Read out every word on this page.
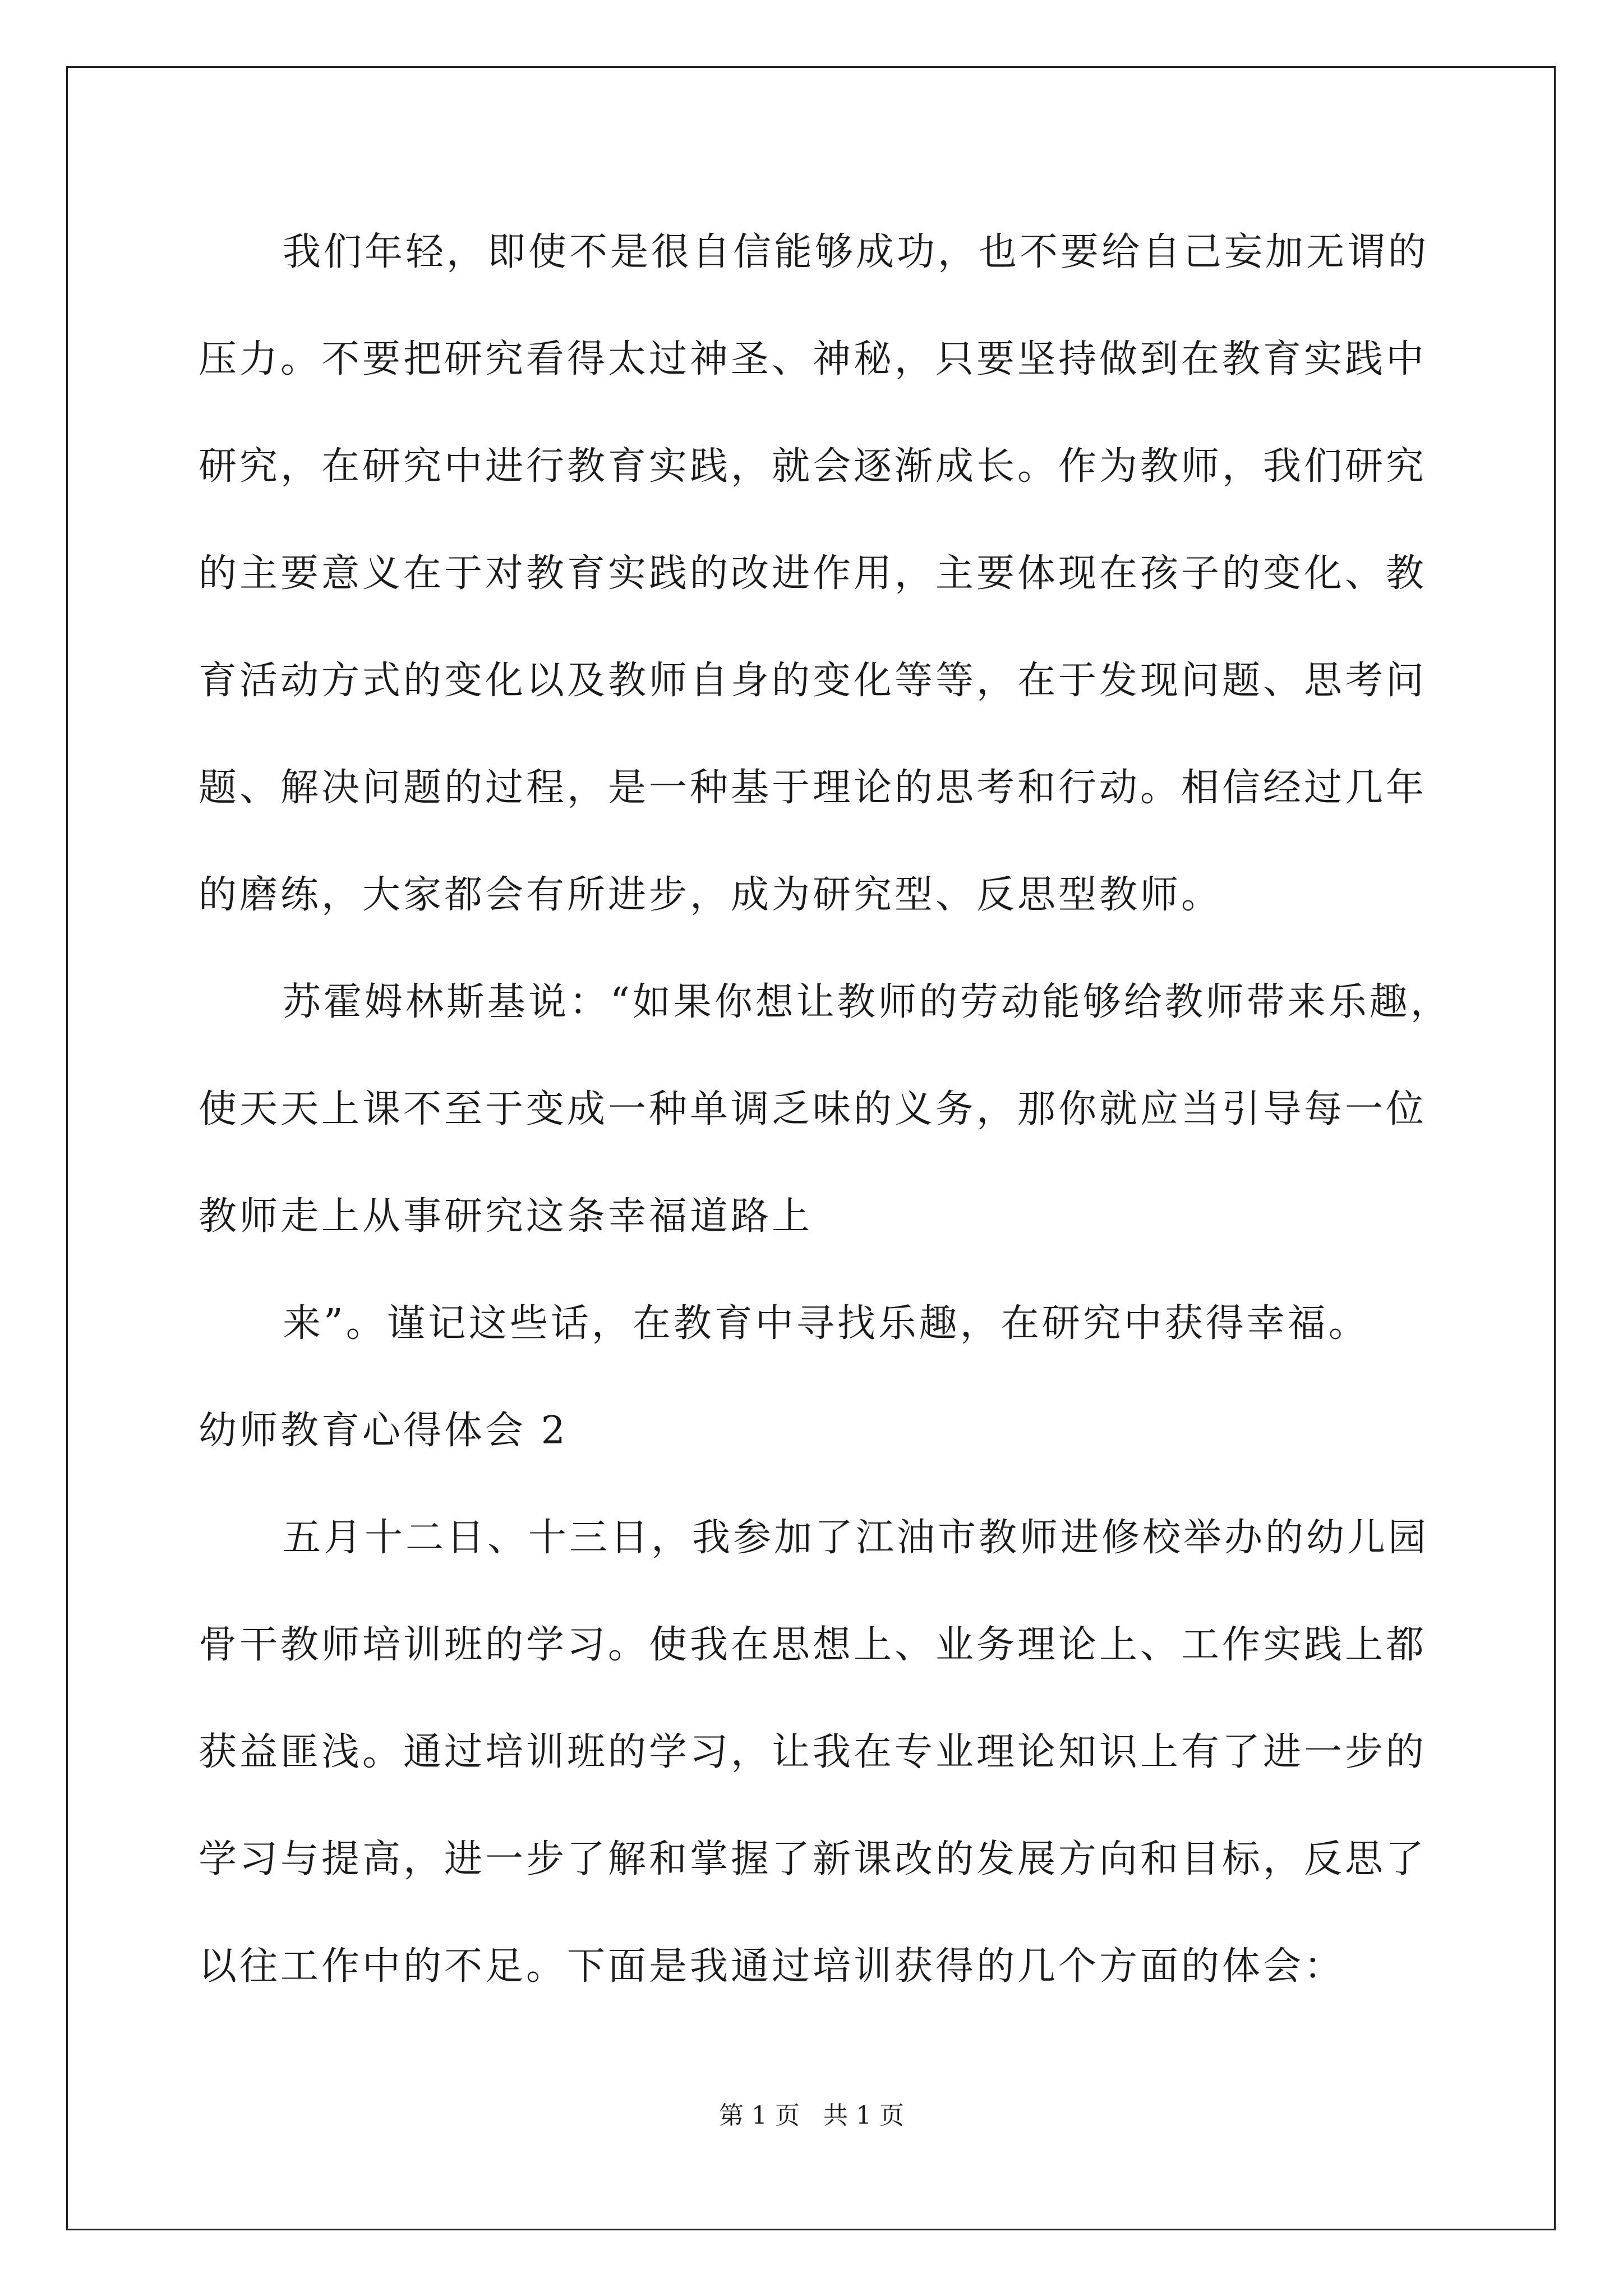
我们年轻，即使不是很自信能够成功，也不要给自己妄加无谓的
压力。不要把研究看得太过神圣、神秘，只要坚持做到在教育实践中
研究，在研究中进行教育实践，就会逐渐成长。作为教师，我们研究
的主要意义在于对教育实践的改进作用，主要体现在孩子的变化、教
育活动方式的变化以及教师自身的变化等等，在于发现问题、思考问
题、解决问题的过程，是一种基于理论的思考和行动。相信经过几年
的磨练，大家都会有所进步，成为研究型、反思型教师。
苏霍姆林斯基说：“如果你想让教师的劳动能够给教师带来乐趣，
使天天上课不至于变成一种单调乏味的义务，那你就应当引导每一位
教师走上从事研究这条幸福道路上
来”。谨记这些话，在教育中寻找乐趣，在研究中获得幸福。
幼师教育心得体会 2
五月十二日、十三日，我参加了江油市教师进修校举办的幼儿园
骨干教师培训班的学习。使我在思想上、业务理论上、工作实践上都
获益匪浅。通过培训班的学习，让我在专业理论知识上有了进一步的
学习与提高，进一步了解和掌握了新课改的发展方向和目标，反思了
以往工作中的不足。下面是我通过培训获得的几个方面的体会：
第 1 页   共 1 页
